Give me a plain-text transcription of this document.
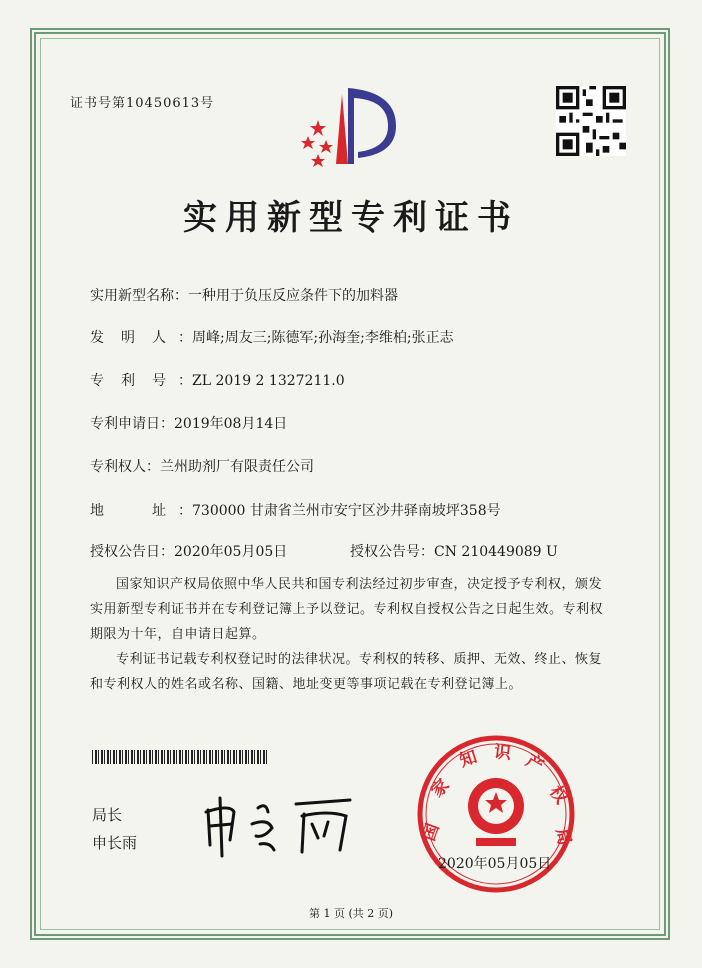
证书号第10450613号
实用新型专利证书
实用新型名称：一种用于负压反应条件下的加料器
发 明 人 ：周峰;周友三;陈德军;孙海奎;李维柏;张正志
专 利 号 ：ZL 2019 2 1327211.0
专利申请日：2019年08月14日
专利权人：兰州助剂厂有限责任公司
地	址 ：730000 甘肃省兰州市安宁区沙井驿南坡坪358号
授权公告日：2020年05月05日	授权公告号：CN 210449089 U
国家知识产权局依照中华人民共和国专利法经过初步审查，决定授予专利权，颁发实用新型专利证书并在专利登记簿上予以登记。专利权自授权公告之日起生效。专利权期限为十年，自申请日起算。
专利证书记载专利权登记时的法律状况。专利权的转移、质押、无效、终止、恢复和专利权人的姓名或名称、国籍、地址变更等事项记载在专利登记簿上。
局长
申长雨	国
家
知 识 产
权
局
2020年05月05日
第 1 页 (共 2 页)
